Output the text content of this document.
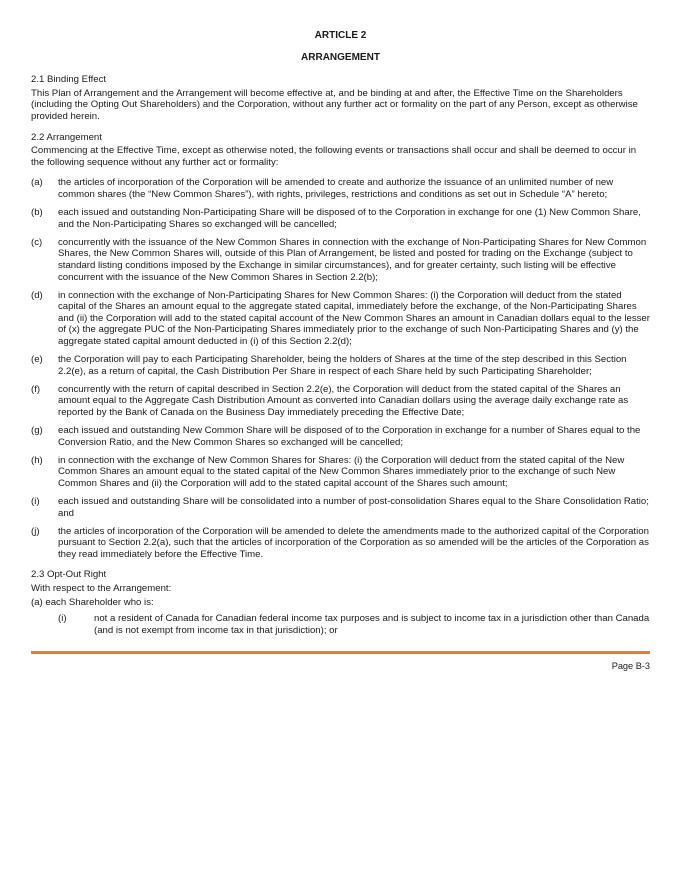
ARTICLE 2
ARRANGEMENT
2.1 Binding Effect

This Plan of Arrangement and the Arrangement will become effective at, and be binding at and after, the Effective Time on the Shareholders (including the Opting Out Shareholders) and the Corporation, without any further act or formality on the part of any Person, except as otherwise provided herein.

2.2 Arrangement

Commencing at the Effective Time, except as otherwise noted, the following events or transactions shall occur and shall be deemed to occur in the following sequence without any further act or formality:

(a)	the articles of incorporation of the Corporation will be amended to create and authorize the issuance of an unlimited number of new common shares (the “New Common Shares”), with rights, privileges, restrictions and conditions as set out in Schedule “A” hereto;
(b)	each issued and outstanding Non-Participating Share will be disposed of to the Corporation in exchange for one (1) New Common Share, and the Non-Participating Shares so exchanged will be cancelled;
(c)	concurrently with the issuance of the New Common Shares in connection with the exchange of Non-Participating Shares for New Common Shares, the New Common Shares will, outside of this Plan of Arrangement, be listed and posted for trading on the Exchange (subject to standard listing conditions imposed by the Exchange in similar circumstances), and for greater certainty, such listing will be effective concurrent with the issuance of the New Common Shares in Section 2.2(b);
(d)	in connection with the exchange of Non-Participating Shares for New Common Shares: (i) the Corporation will deduct from the stated capital of the Shares an amount equal to the aggregate stated capital, immediately before the exchange, of the Non-Participating Shares and (ii) the Corporation will add to the stated capital account of the New Common Shares an amount in Canadian dollars equal to the lesser of (x) the aggregate PUC of the Non-Participating Shares immediately prior to the exchange of such Non-Participating Shares and (y) the aggregate stated capital amount deducted in (i) of this Section 2.2(d);
(e)	the Corporation will pay to each Participating Shareholder, being the holders of Shares at the time of the step described in this Section 2.2(e), as a return of capital, the Cash Distribution Per Share in respect of each Share held by such Participating Shareholder;
(f)	concurrently with the return of capital described in Section 2.2(e), the Corporation will deduct from the stated capital of the Shares an amount equal to the Aggregate Cash Distribution Amount as converted into Canadian dollars using the average daily exchange rate as reported by the Bank of Canada on the Business Day immediately preceding the Effective Date;
(g)	each issued and outstanding New Common Share will be disposed of to the Corporation in exchange for a number of Shares equal to the Conversion Ratio, and the New Common Shares so exchanged will be cancelled;
(h)	in connection with the exchange of New Common Shares for Shares: (i) the Corporation will deduct from the stated capital of the New Common Shares an amount equal to the stated capital of the New Common Shares immediately prior to the exchange of such New Common Shares and (ii) the Corporation will add to the stated capital account of the Shares such amount;
(i)	each issued and outstanding Share will be consolidated into a number of post-consolidation Shares equal to the Share Consolidation Ratio; and
(j)	the articles of incorporation of the Corporation will be amended to delete the amendments made to the authorized capital of the Corporation pursuant to Section 2.2(a), such that the articles of incorporation of the Corporation as so amended will be the articles of the Corporation as they read immediately before the Effective Time.
2.3 Opt-Out Right

With respect to the Arrangement:

(a) each Shareholder who is:

(i)	not a resident of Canada for Canadian federal income tax purposes and is subject to income tax in a jurisdiction other than Canada (and is not exempt from income tax in that jurisdiction); or
Page B-3
